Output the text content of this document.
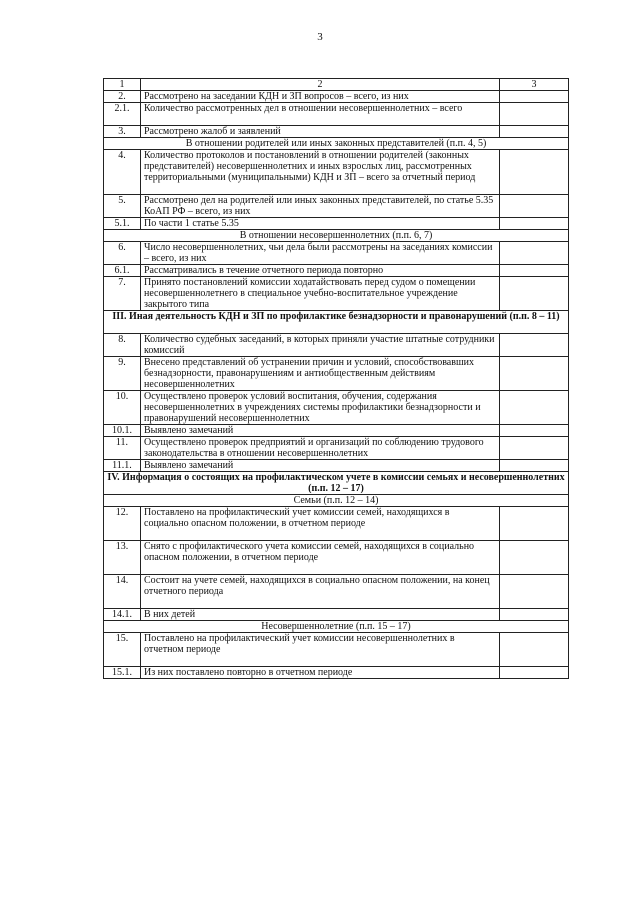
3
1	2	3
2.	Рассмотрено на заседании КДН и ЗП вопросов – всего, из них	
2.1.	Количество рассмотренных дел в отношении несовершеннолетних – всего	
3.	Рассмотрено жалоб и заявлений	
В отношении родителей или иных законных представителей (п.п. 4, 5)		
4.	Количество протоколов и постановлений в отношении родителей (законных представителей) несовершеннолетних и иных взрослых лиц, рассмотренных территориальными (муниципальными) КДН и ЗП – всего за отчетный период	
5.	Рассмотрено дел на родителей или иных законных представителей, по статье 5.35 КоАП РФ – всего, из них	
5.1.	По части 1 статье 5.35	
В отношении несовершеннолетних (п.п. 6, 7)		
6.	Число несовершеннолетних, чьи дела были рассмотрены на заседаниях комиссии – всего, из них	
6.1.	Рассматривались в течение отчетного периода повторно	
7.	Принято постановлений комиссии ходатайствовать перед судом о помещении несовершеннолетнего в специальное учебно-воспитательное учреждение закрытого типа	
III. Иная деятельность КДН и ЗП по профилактике безнадзорности и правонарушений (п.п. 8 – 11)		
8.	Количество судебных заседаний, в которых приняли участие штатные сотрудники комиссий	
9.	Внесено представлений об устранении причин и условий, способствовавших безнадзорности, правонарушениям и антиобщественным действиям несовершеннолетних	
10.	Осуществлено проверок условий воспитания, обучения, содержания несовершеннолетних в учреждениях системы профилактики безнадзорности и правонарушений несовершеннолетних	
10.1.	Выявлено замечаний	
11.	Осуществлено проверок предприятий и организаций по соблюдению трудового законодательства в отношении несовершеннолетних	
11.1.	Выявлено замечаний	
IV. Информация о состоящих на профилактическом учете в комиссии семьях и несовершеннолетних (п.п. 12 – 17)		
Семьи (п.п. 12 – 14)		
12.	Поставлено на профилактический учет комиссии семей, находящихся в социально опасном положении, в отчетном периоде	
13.	Снято с профилактического учета комиссии семей, находящихся в социально опасном положении, в отчетном периоде	
14.	Состоит на учете семей, находящихся в социально опасном положении, на конец отчетного периода	
14.1.	В них детей	
Несовершеннолетние (п.п. 15 – 17)		
15.	Поставлено на профилактический учет комиссии несовершеннолетних в отчетном периоде	
15.1.	Из них поставлено повторно в отчетном периоде	
